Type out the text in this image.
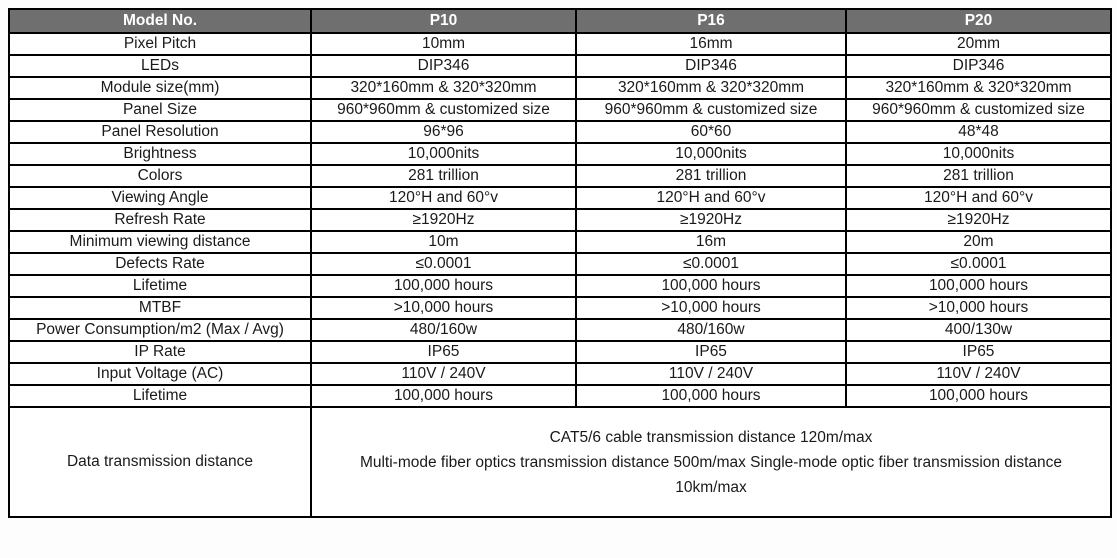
Model No.	P10	P16	P20
Pixel Pitch	10mm	16mm	20mm
LEDs	DIP346	DIP346	DIP346
Module size(mm)	320*160mm & 320*320mm	320*160mm & 320*320mm	320*160mm & 320*320mm
Panel Size	960*960mm & customized size	960*960mm & customized size	960*960mm & customized size
Panel Resolution	96*96	60*60	48*48
Brightness	10,000nits	10,000nits	10,000nits
Colors	281 trillion	281 trillion	281 trillion
Viewing Angle	120°H and 60°v	120°H and 60°v	120°H and 60°v
Refresh Rate	≥1920Hz	≥1920Hz	≥1920Hz
Minimum viewing distance	10m	16m	20m
Defects Rate	≤0.0001	≤0.0001	≤0.0001
Lifetime	100,000 hours	100,000 hours	100,000 hours
MTBF	>10,000 hours	>10,000 hours	>10,000 hours
Power Consumption/m2 (Max / Avg)	480/160w	480/160w	400/130w
IP Rate	IP65	IP65	IP65
Input Voltage (AC)	110V / 240V	110V / 240V	110V / 240V
Lifetime	100,000 hours	100,000 hours	100,000 hours
Data transmission distance	CAT5/6 cable transmission distance 120m/max
Multi-mode fiber optics transmission distance 500m/max Single-mode optic fiber transmission distance 10km/max		
